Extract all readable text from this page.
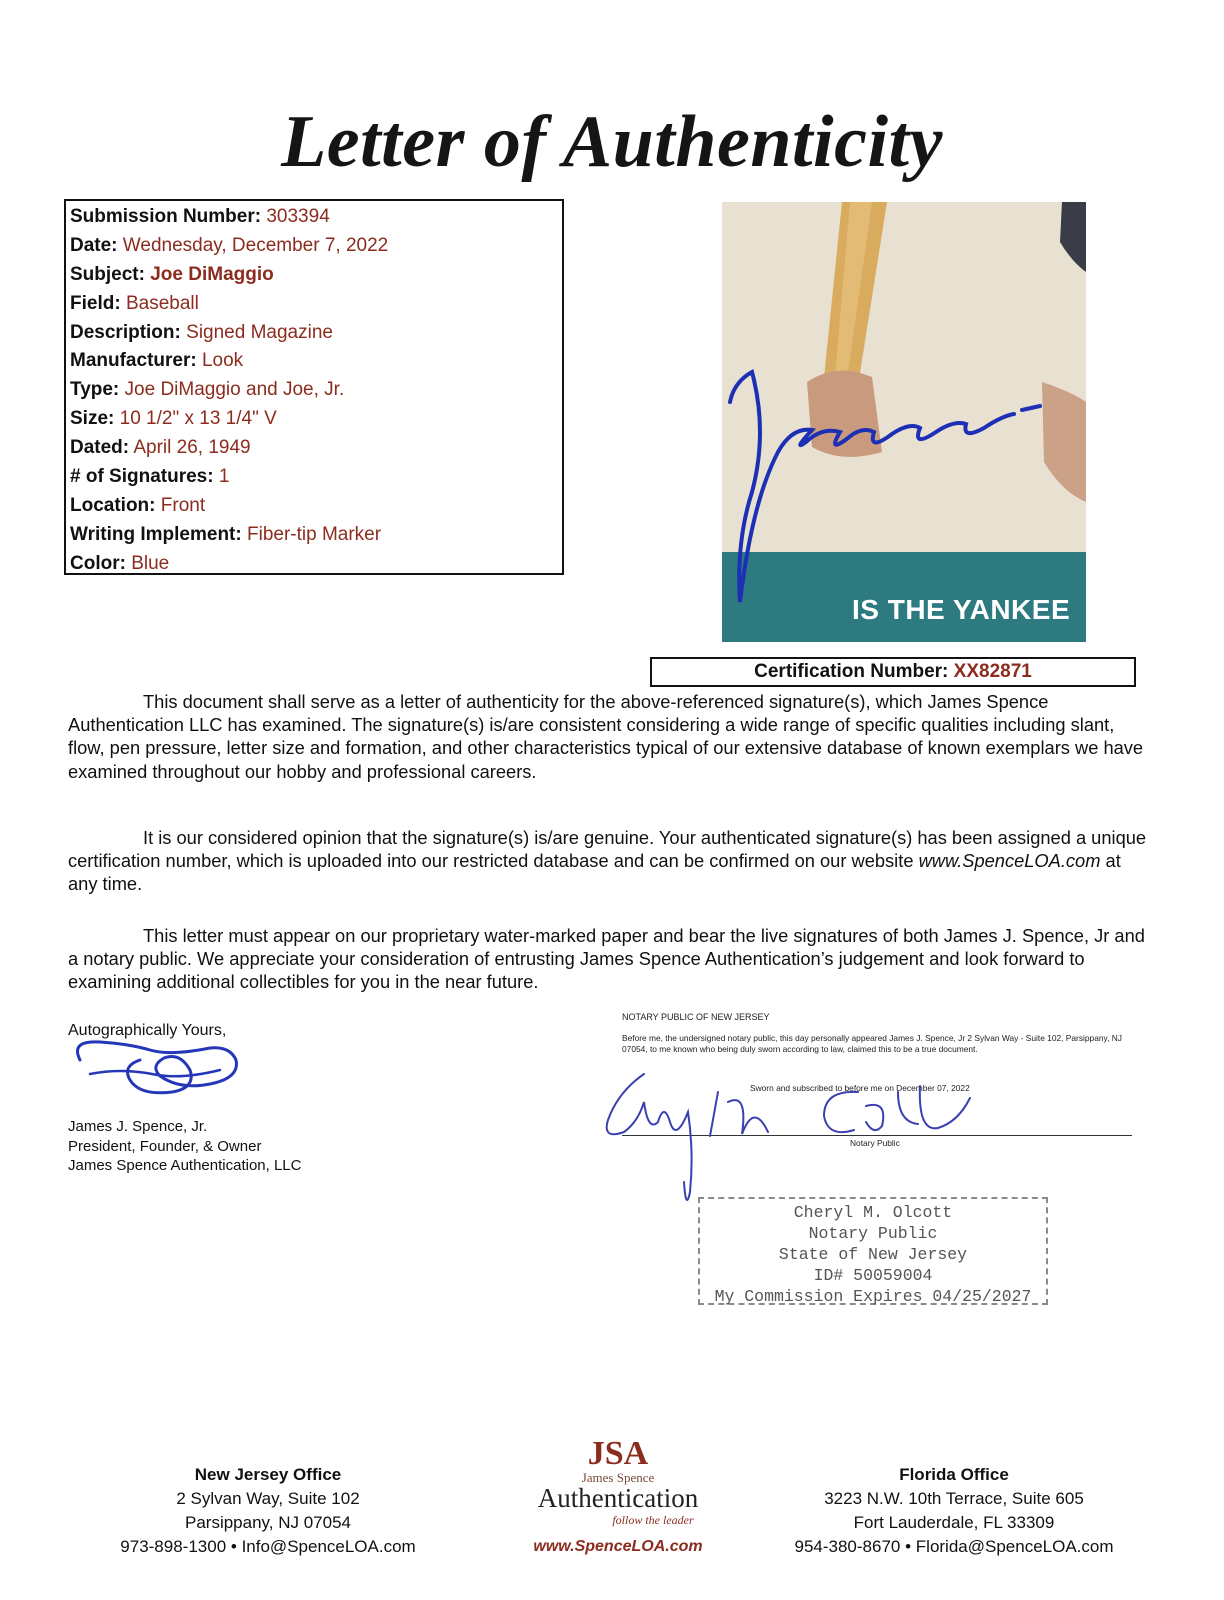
Letter of Authenticity
Submission Number: 303394
Date: Wednesday, December 7, 2022
Subject: Joe DiMaggio
Field: Baseball
Description: Signed Magazine
Manufacturer: Look
Type: Joe DiMaggio and Joe, Jr.
Size: 10 1/2" x 13 1/4" V
Dated: April 26, 1949
# of Signatures: 1
Location: Front
Writing Implement: Fiber-tip Marker
Color: Blue
IS THE YANKEE
Certification Number: XX82871

This document shall serve as a letter of authenticity for the above-referenced signature(s), which James Spence Authentication LLC has examined. The signature(s) is/are consistent considering a wide range of specific qualities including slant, flow, pen pressure, letter size and formation, and other characteristics typical of our extensive database of known exemplars we have examined throughout our hobby and professional careers.

It is our considered opinion that the signature(s) is/are genuine. Your authenticated signature(s) has been assigned a unique certification number, which is uploaded into our restricted database and can be confirmed on our website www.SpenceLOA.com at any time.

This letter must appear on our proprietary water-marked paper and bear the live signatures of both James J. Spence, Jr and a notary public. We appreciate your consideration of entrusting James Spence Authentication’s judgement and look forward to examining additional collectibles for you in the near future.

Autographically Yours,
James J. Spence, Jr.
President, Founder, & Owner
James Spence Authentication, LLC
NOTARY PUBLIC OF NEW JERSEY
Before me, the undersigned notary public, this day personally appeared James J. Spence, Jr 2 Sylvan Way - Suite 102, Parsippany, NJ 07054, to me known who being duly sworn according to law, claimed this to be a true document.
Sworn and subscribed to before me on December 07, 2022
Notary Public
Cheryl M. Olcott
Notary Public
State of New Jersey
ID# 50059004
My Commission Expires 04/25/2027
New Jersey Office
2 Sylvan Way, Suite 102
Parsippany, NJ 07054
973-898-1300 • Info@SpenceLOA.com
JSA
James Spence
Authentication
follow the leader
www.SpenceLOA.com
Florida Office
3223 N.W. 10th Terrace, Suite 605
Fort Lauderdale, FL 33309
954-380-8670 • Florida@SpenceLOA.com
